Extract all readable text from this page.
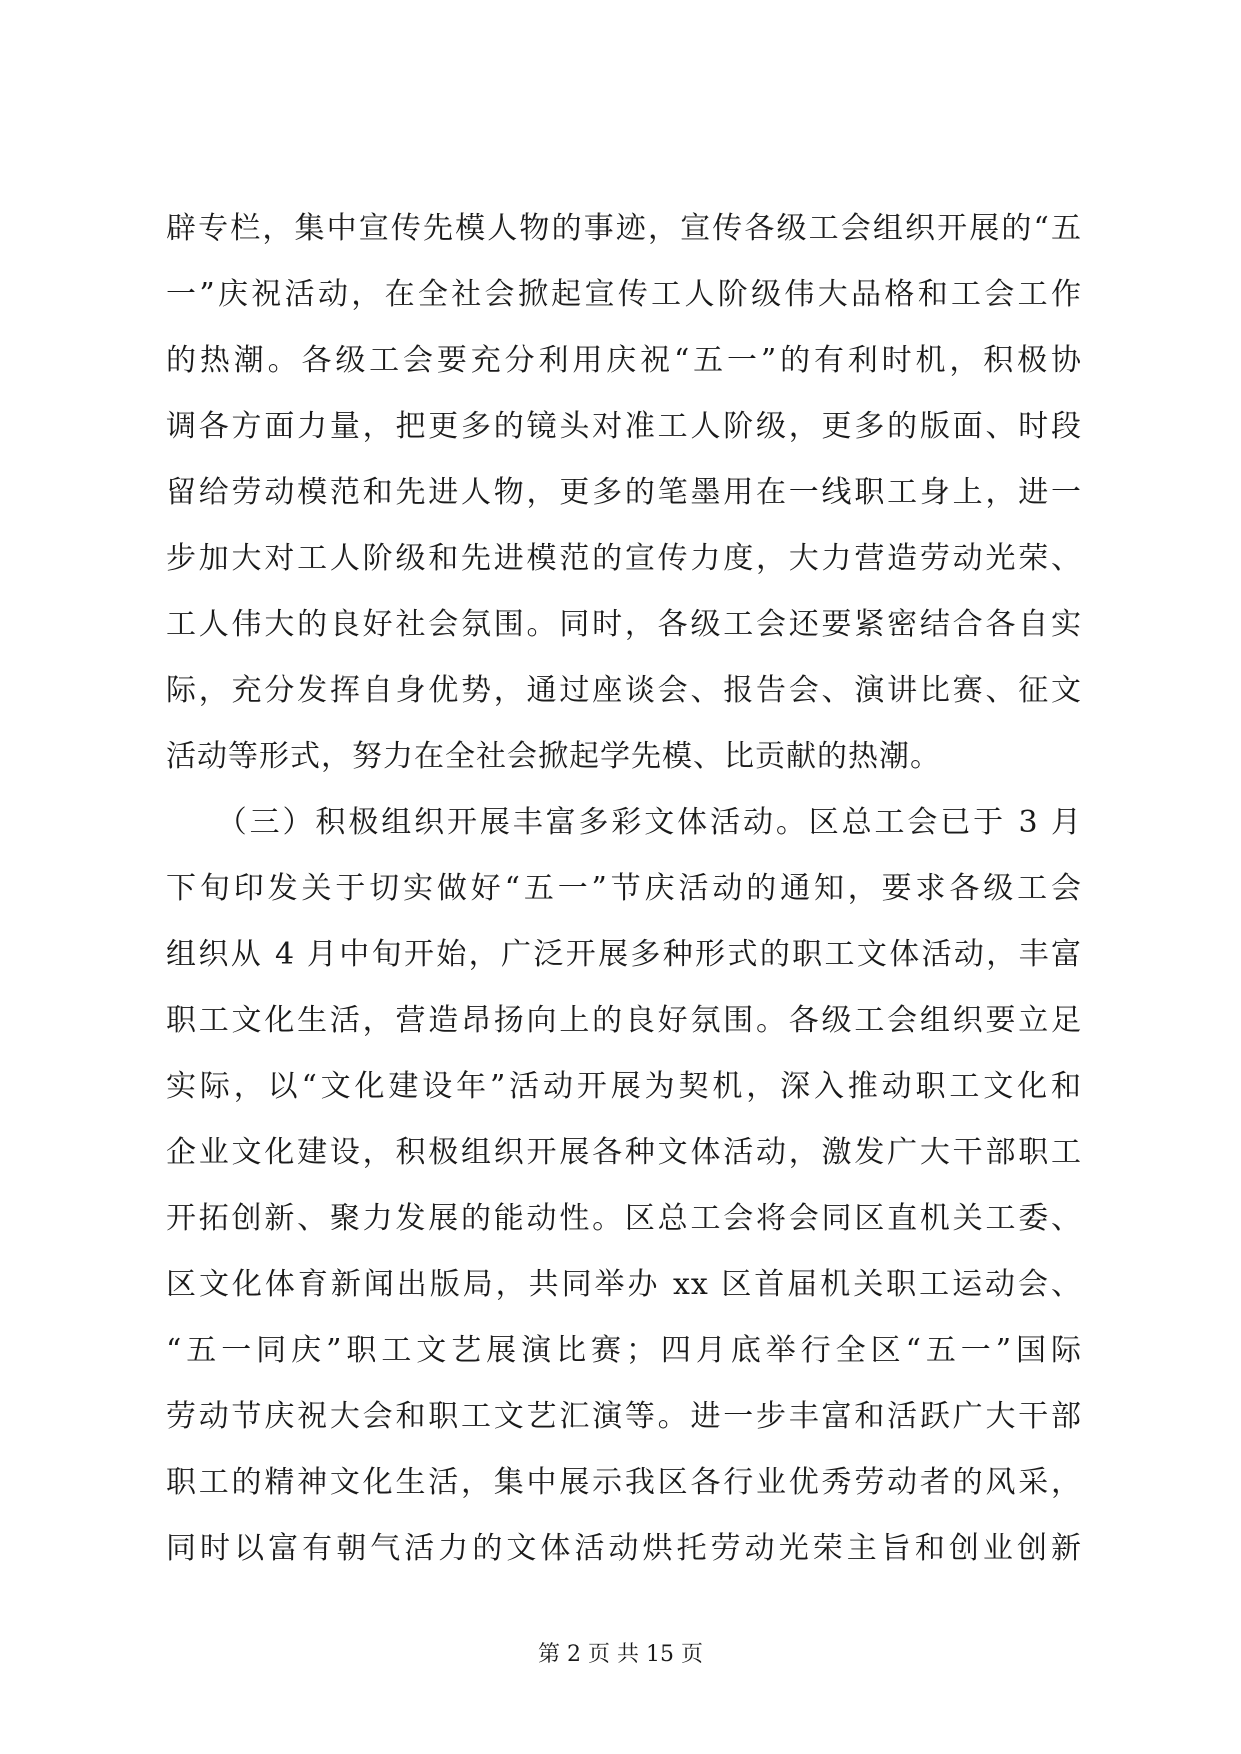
辟专栏，集中宣传先模人物的事迹，宣传各级工会组织开展的“五
一”庆祝活动，在全社会掀起宣传工人阶级伟大品格和工会工作
的热潮。各级工会要充分利用庆祝“五一”的有利时机，积极协
调各方面力量，把更多的镜头对准工人阶级，更多的版面、时段
留给劳动模范和先进人物，更多的笔墨用在一线职工身上，进一
步加大对工人阶级和先进模范的宣传力度，大力营造劳动光荣、
工人伟大的良好社会氛围。同时，各级工会还要紧密结合各自实
际，充分发挥自身优势，通过座谈会、报告会、演讲比赛、征文
活动等形式，努力在全社会掀起学先模、比贡献的热潮。
　　（三）积极组织开展丰富多彩文体活动。区总工会已于 3 月
下旬印发关于切实做好“五一”节庆活动的通知，要求各级工会
组织从 4 月中旬开始，广泛开展多种形式的职工文体活动，丰富
职工文化生活，营造昂扬向上的良好氛围。各级工会组织要立足
实际，以“文化建设年”活动开展为契机，深入推动职工文化和
企业文化建设，积极组织开展各种文体活动，激发广大干部职工
开拓创新、聚力发展的能动性。区总工会将会同区直机关工委、
区文化体育新闻出版局，共同举办 xx 区首届机关职工运动会、
“五一同庆”职工文艺展演比赛；四月底举行全区“五一”国际
劳动节庆祝大会和职工文艺汇演等。进一步丰富和活跃广大干部
职工的精神文化生活，集中展示我区各行业优秀劳动者的风采，
同时以富有朝气活力的文体活动烘托劳动光荣主旨和创业创新
第 2 页 共 15 页
